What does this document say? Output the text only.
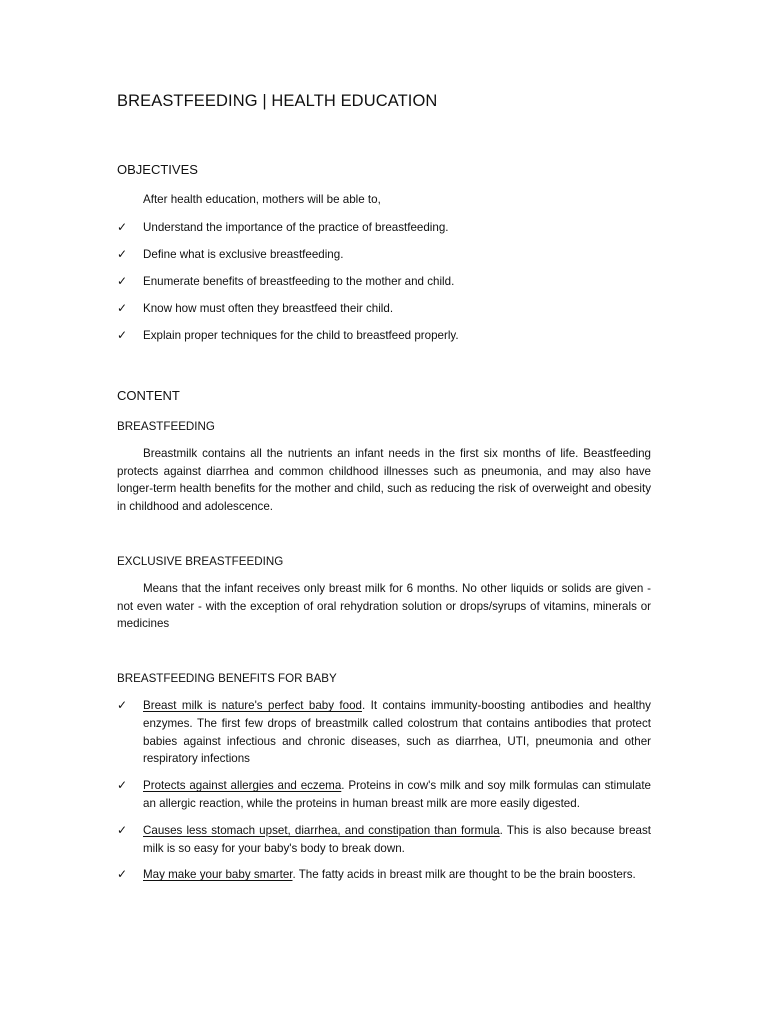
BREASTFEEDING | HEALTH EDUCATION
OBJECTIVES
After health education, mothers will be able to,
✓ Understand the importance of the practice of breastfeeding.
✓ Define what is exclusive breastfeeding.
✓ Enumerate benefits of breastfeeding to the mother and child.
✓ Know how must often they breastfeed their child.
✓ Explain proper techniques for the child to breastfeed properly.
CONTENT
BREASTFEEDING

Breastmilk contains all the nutrients an infant needs in the first six months of life. Beastfeeding protects against diarrhea and common childhood illnesses such as pneumonia, and may also have longer-term health benefits for the mother and child, such as reducing the risk of overweight and obesity in childhood and adolescence.

EXCLUSIVE BREASTFEEDING

Means that the infant receives only breast milk for 6 months. No other liquids or solids are given - not even water - with the exception of oral rehydration solution or drops/syrups of vitamins, minerals or medicines

BREASTFEEDING BENEFITS FOR BABY
✓ Breast milk is nature's perfect baby food. It contains immunity-boosting antibodies and healthy enzymes. The first few drops of breastmilk called colostrum that contains antibodies that protect babies against infectious and chronic diseases, such as diarrhea, UTI, pneumonia and other respiratory infections
✓ Protects against allergies and eczema. Proteins in cow's milk and soy milk formulas can stimulate an allergic reaction, while the proteins in human breast milk are more easily digested.
✓ Causes less stomach upset, diarrhea, and constipation than formula. This is also because breast milk is so easy for your baby's body to break down.
✓ May make your baby smarter. The fatty acids in breast milk are thought to be the brain boosters.
